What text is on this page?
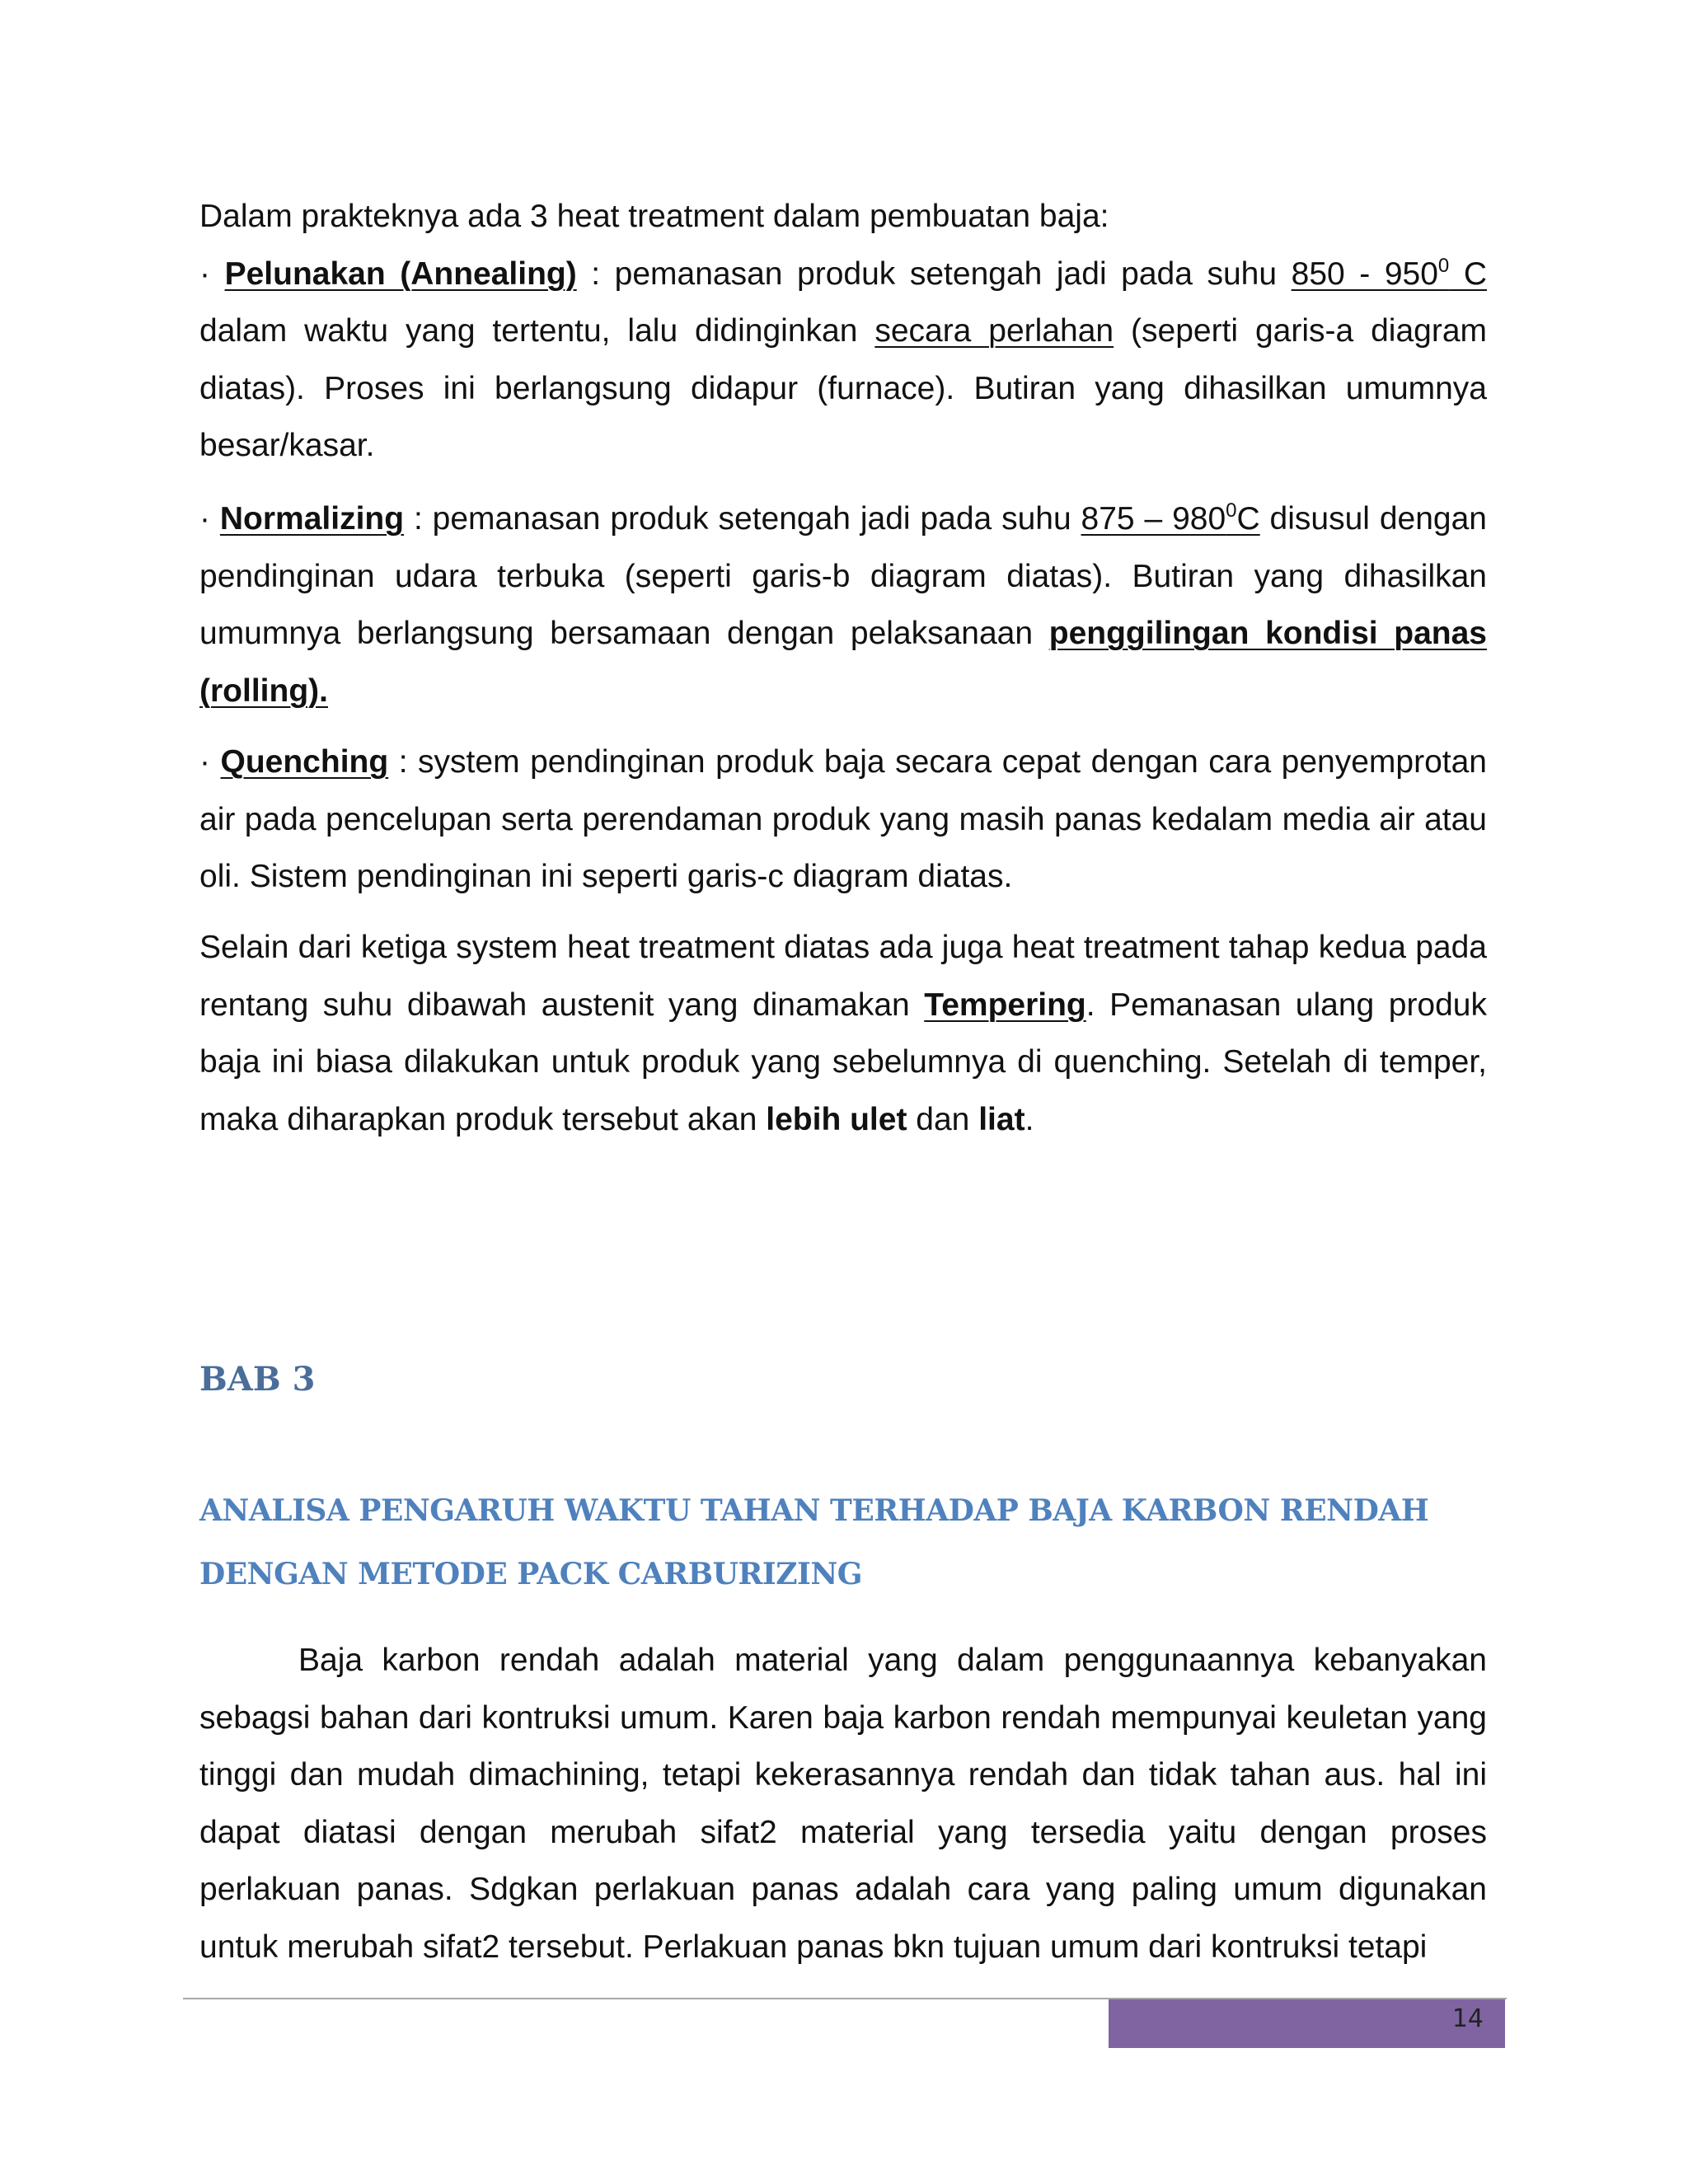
Dalam prakteknya ada 3 heat treatment dalam pembuatan baja:
· Pelunakan (Annealing) : pemanasan produk setengah jadi pada suhu $850 - 950^0$ C dalam waktu yang tertentu, lalu didinginkan secara perlahan (seperti garis-a diagram diatas). Proses ini berlangsung didapur (furnace). Butiran yang dihasilkan umumnya besar/kasar.

· Normalizing : pemanasan produk setengah jadi pada suhu $875 - 980^0C$ disusul dengan pendinginan udara terbuka (seperti garis-b diagram diatas). Butiran yang dihasilkan umumnya berlangsung bersamaan dengan pelaksanaan penggilingan kondisi panas (rolling).

· Quenching : system pendinginan produk baja secara cepat dengan cara penyemprotan air pada pencelupan serta perendaman produk yang masih panas kedalam media air atau oli. Sistem pendinginan ini seperti garis-c diagram diatas.

Selain dari ketiga system heat treatment diatas ada juga heat treatment tahap kedua pada rentang suhu dibawah austenit yang dinamakan Tempering. Pemanasan ulang produk baja ini biasa dilakukan untuk produk yang sebelumnya di quenching. Setelah di temper, maka diharapkan produk tersebut akan lebih ulet dan liat.

BAB 3
ANALISA PENGARUH WAKTU TAHAN TERHADAP BAJA KARBON RENDAH
DENGAN METODE PACK CARBURIZING

Baja karbon rendah adalah material yang dalam penggunaannya kebanyakan sebagsi bahan dari kontruksi umum. Karen baja karbon rendah mempunyai keuletan yang tinggi dan mudah dimachining, tetapi kekerasannya rendah dan tidak tahan aus. hal ini dapat diatasi dengan merubah sifat2 material yang tersedia yaitu dengan proses perlakuan panas. Sdgkan perlakuan panas adalah cara yang paling umum digunakan untuk merubah sifat2 tersebut. Perlakuan panas bkn tujuan umum dari kontruksi tetapi

14
